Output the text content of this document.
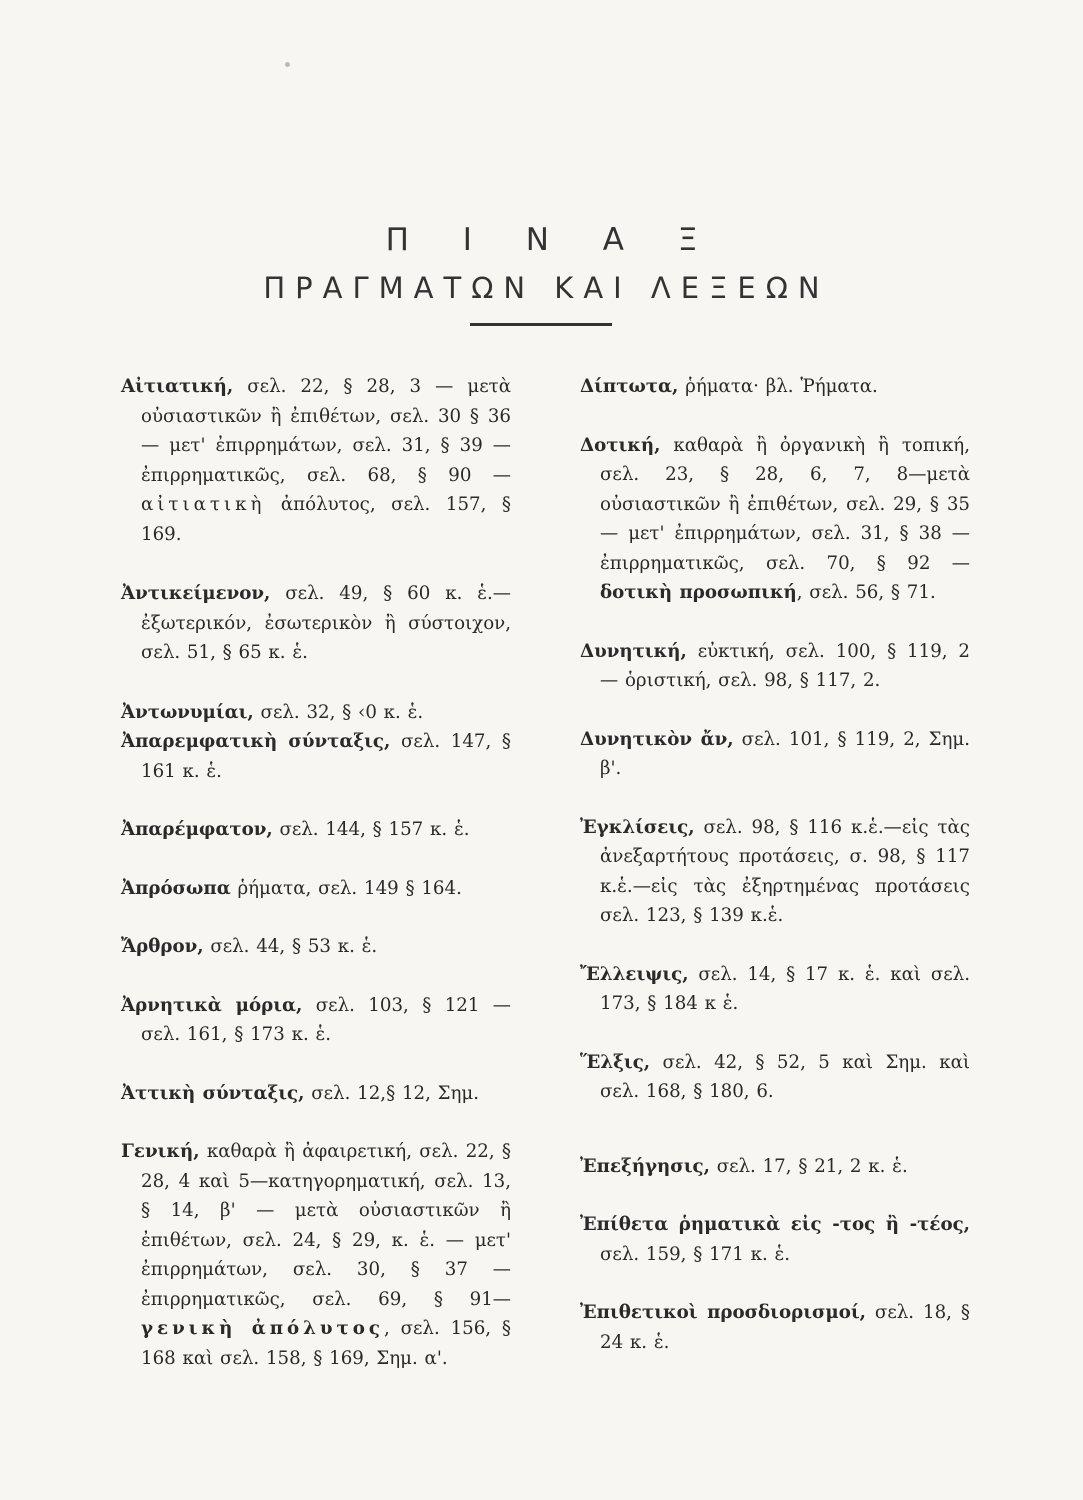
Π Ι Ν Α Ξ
ΠΡΑΓΜΑΤΩΝ ΚΑΙ ΛΕΞΕΩΝ

Αἰτιατική, σελ. 22, § 28, 3 — μετὰ οὐσιαστικῶν ἢ ἐπιθέτων, σελ. 30 § 36 — μετ' ἐπιρρημάτων, σελ. 31, § 39 — ἐπιρρηματικῶς, σελ. 68, § 90 — αἰτιατικὴ ἀπόλυτος, σελ. 157, § 169.

Ἀντικείμενον, σελ. 49, § 60 κ. ἑ.— ἐξωτερικόν, ἐσωτερικὸν ἢ σύστοιχον, σελ. 51, § 65 κ. ἑ.

Ἀντωνυμίαι, σελ. 32, § ‹0 κ. ἑ.

Ἀπαρεμφατικὴ σύνταξις, σελ. 147, § 161 κ. ἑ.

Ἀπαρέμφατον, σελ. 144, § 157 κ. ἑ.

Ἀπρόσωπα ῥήματα, σελ. 149 § 164.

Ἄρθρον, σελ. 44, § 53 κ. ἑ.

Ἀρνητικὰ μόρια, σελ. 103, § 121 — σελ. 161, § 173 κ. ἑ.

Ἀττικὴ σύνταξις, σελ. 12,§ 12, Σημ.

Γενική, καθαρὰ ἢ ἀφαιρετική, σελ. 22, § 28, 4 καὶ 5—κατηγορηματική, σελ. 13, § 14, β' — μετὰ οὐσιαστικῶν ἢ ἐπιθέτων, σελ. 24, § 29, κ. ἑ. — μετ' ἐπιρρημάτων, σελ. 30, § 37 — ἐπιρρηματικῶς, σελ. 69, § 91— γενικὴ ἀπόλυτος, σελ. 156, § 168 καὶ σελ. 158, § 169, Σημ. α'.

Δίπτωτα, ῥήματα· βλ. Ῥήματα.

Δοτική, καθαρὰ ἢ ὀργανικὴ ἢ τοπική, σελ. 23, § 28, 6, 7, 8—μετὰ οὐσιαστικῶν ἢ ἐπιθέτων, σελ. 29, § 35 — μετ' ἐπιρρημάτων, σελ. 31, § 38 — ἐπιρρηματικῶς, σελ. 70, § 92 — δοτικὴ προσωπική, σελ. 56, § 71.

Δυνητική, εὐκτική, σελ. 100, § 119, 2 — ὁριστική, σελ. 98, § 117, 2.

Δυνητικὸν ἄν, σελ. 101, § 119, 2, Σημ. β'.

Ἐγκλίσεις, σελ. 98, § 116 κ.ἑ.—εἰς τὰς ἀνεξαρτήτους προτάσεις, σ. 98, § 117 κ.ἑ.—εἰς τὰς ἐξηρτημένας προτάσεις σελ. 123, § 139 κ.ἑ.

Ἔλλειψις, σελ. 14, § 17 κ. ἑ. καὶ σελ. 173, § 184 κ ἑ.

Ἕλξις, σελ. 42, § 52, 5 καὶ Σημ. καὶ σελ. 168, § 180, 6.

Ἐπεξήγησις, σελ. 17, § 21, 2 κ. ἑ.

Ἐπίθετα ῥηματικὰ εἰς -τος ἢ -τέος, σελ. 159, § 171 κ. ἑ.

Ἐπιθετικοὶ προσδιορισμοί, σελ. 18, § 24 κ. ἑ.
